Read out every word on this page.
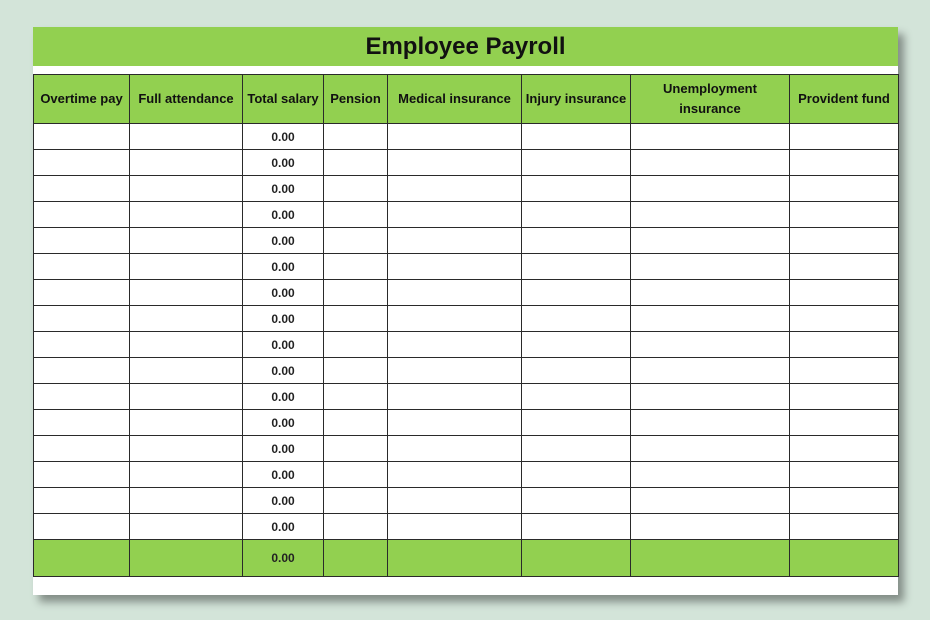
Employee Payroll
Overtime pay	Full attendance	Total salary	Pension	Medical insurance	Injury insurance	Unemployment insurance	Provident fund
		0.00					
		0.00					
		0.00					
		0.00					
		0.00					
		0.00					
		0.00					
		0.00					
		0.00					
		0.00					
		0.00					
		0.00					
		0.00					
		0.00					
		0.00					
		0.00					
		0.00					
